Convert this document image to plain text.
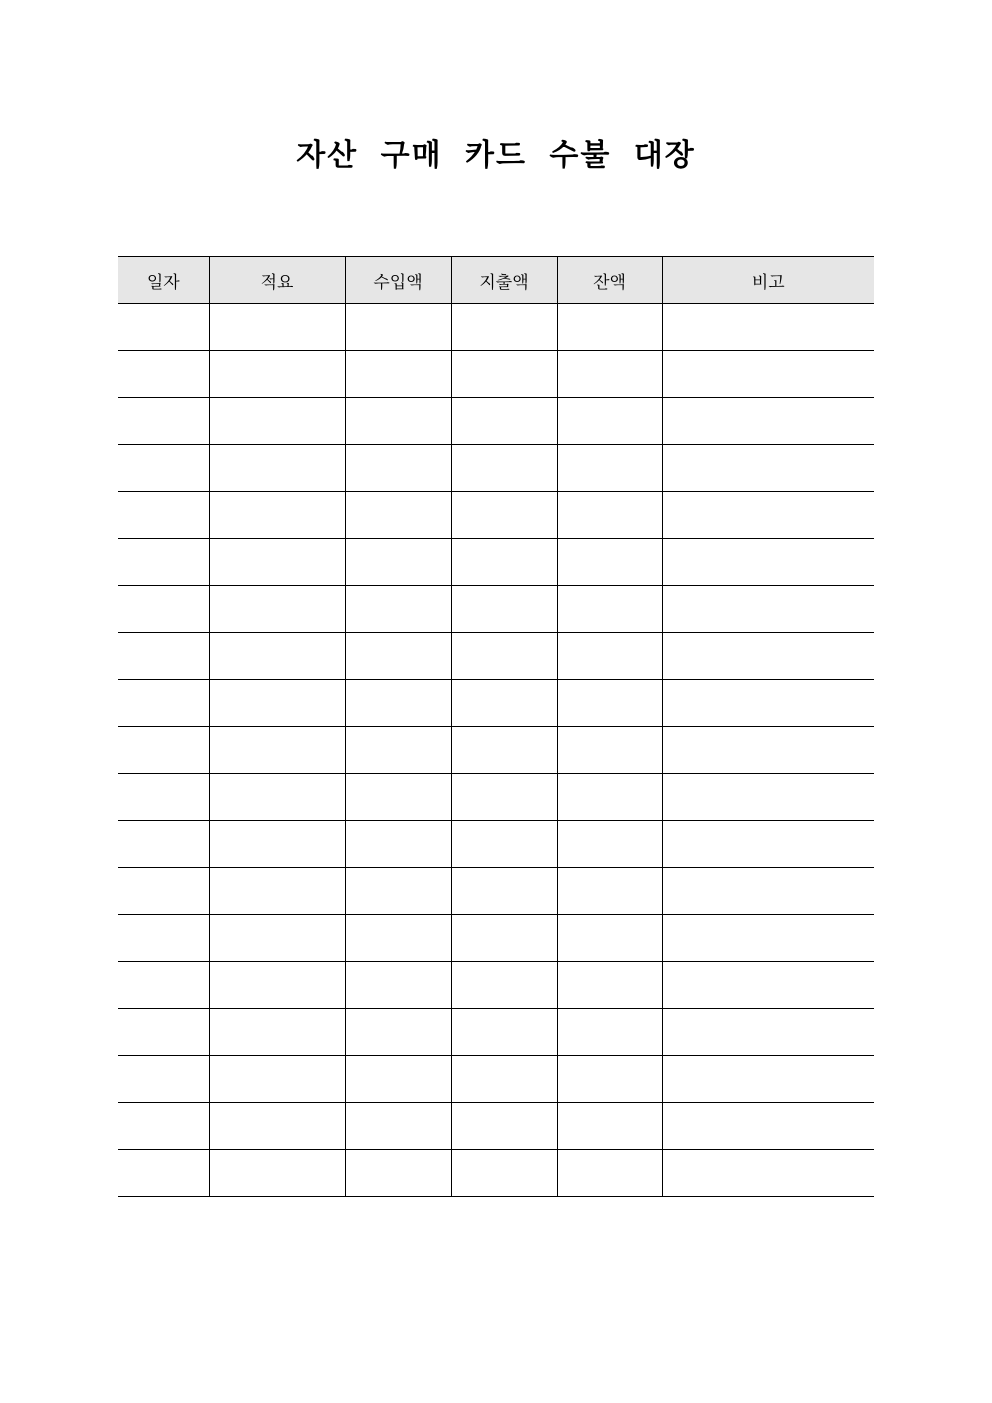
자산 구매 카드 수불 대장
일자	적요	수입액	지출액	잔액	비고
